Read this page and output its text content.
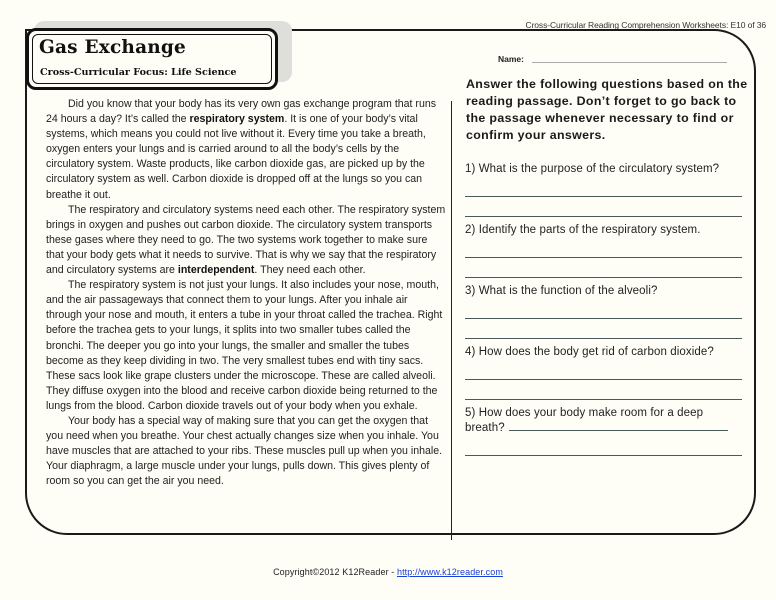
Cross-Curricular Reading Comprehension Worksheets: E10 of 36
Gas Exchange
Cross-Curricular Focus: Life Science

Did you know that your body has its very own gas exchange program that runs 24 hours a day? It’s called the respiratory system. It is one of your body’s vital systems, which means you could not live without it. Every time you take a breath, oxygen enters your lungs and is carried around to all the body’s cells by the circulatory system. Waste products, like carbon dioxide gas, are picked up by the circulatory system as well. Carbon dioxide is dropped off at the lungs so you can breathe it out.

The respiratory and circulatory systems need each other. The respiratory system brings in oxygen and pushes out carbon dioxide. The circulatory system transports these gases where they need to go. The two systems work together to make sure that your body gets what it needs to survive. That is why we say that the respiratory and circulatory systems are interdependent. They need each other.

The respiratory system is not just your lungs. It also includes your nose, mouth, and the air passageways that connect them to your lungs. After you inhale air through your nose and mouth, it enters a tube in your throat called the trachea. Right before the trachea gets to your lungs, it splits into two smaller tubes called the bronchi. The deeper you go into your lungs, the smaller and smaller the tubes become as they keep dividing in two. The very smallest tubes end with tiny sacs. These sacs look like grape clusters under the microscope. These are called alveoli. They diffuse oxygen into the blood and receive carbon dioxide being returned to the lungs from the blood. Carbon dioxide travels out of your body when you exhale.

Your body has a special way of making sure that you can get the oxygen that you need when you breathe. Your chest actually changes size when you inhale. You have muscles that are attached to your ribs. These muscles pull up when you inhale. Your diaphragm, a large muscle under your lungs, pulls down. This gives plenty of room so you can get the air you need.

Name:
Answer the following questions based on the reading passage. Don’t forget to go back to the passage whenever necessary to find or confirm your answers.
1) What is the purpose of the circulatory system?
2) Identify the parts of the respiratory system.
3) What is the function of the alveoli?
4) How does the body get rid of carbon dioxide?
5) How does your body make room for a deep
breath?
Copyright©2012 K12Reader - http://www.k12reader.com
